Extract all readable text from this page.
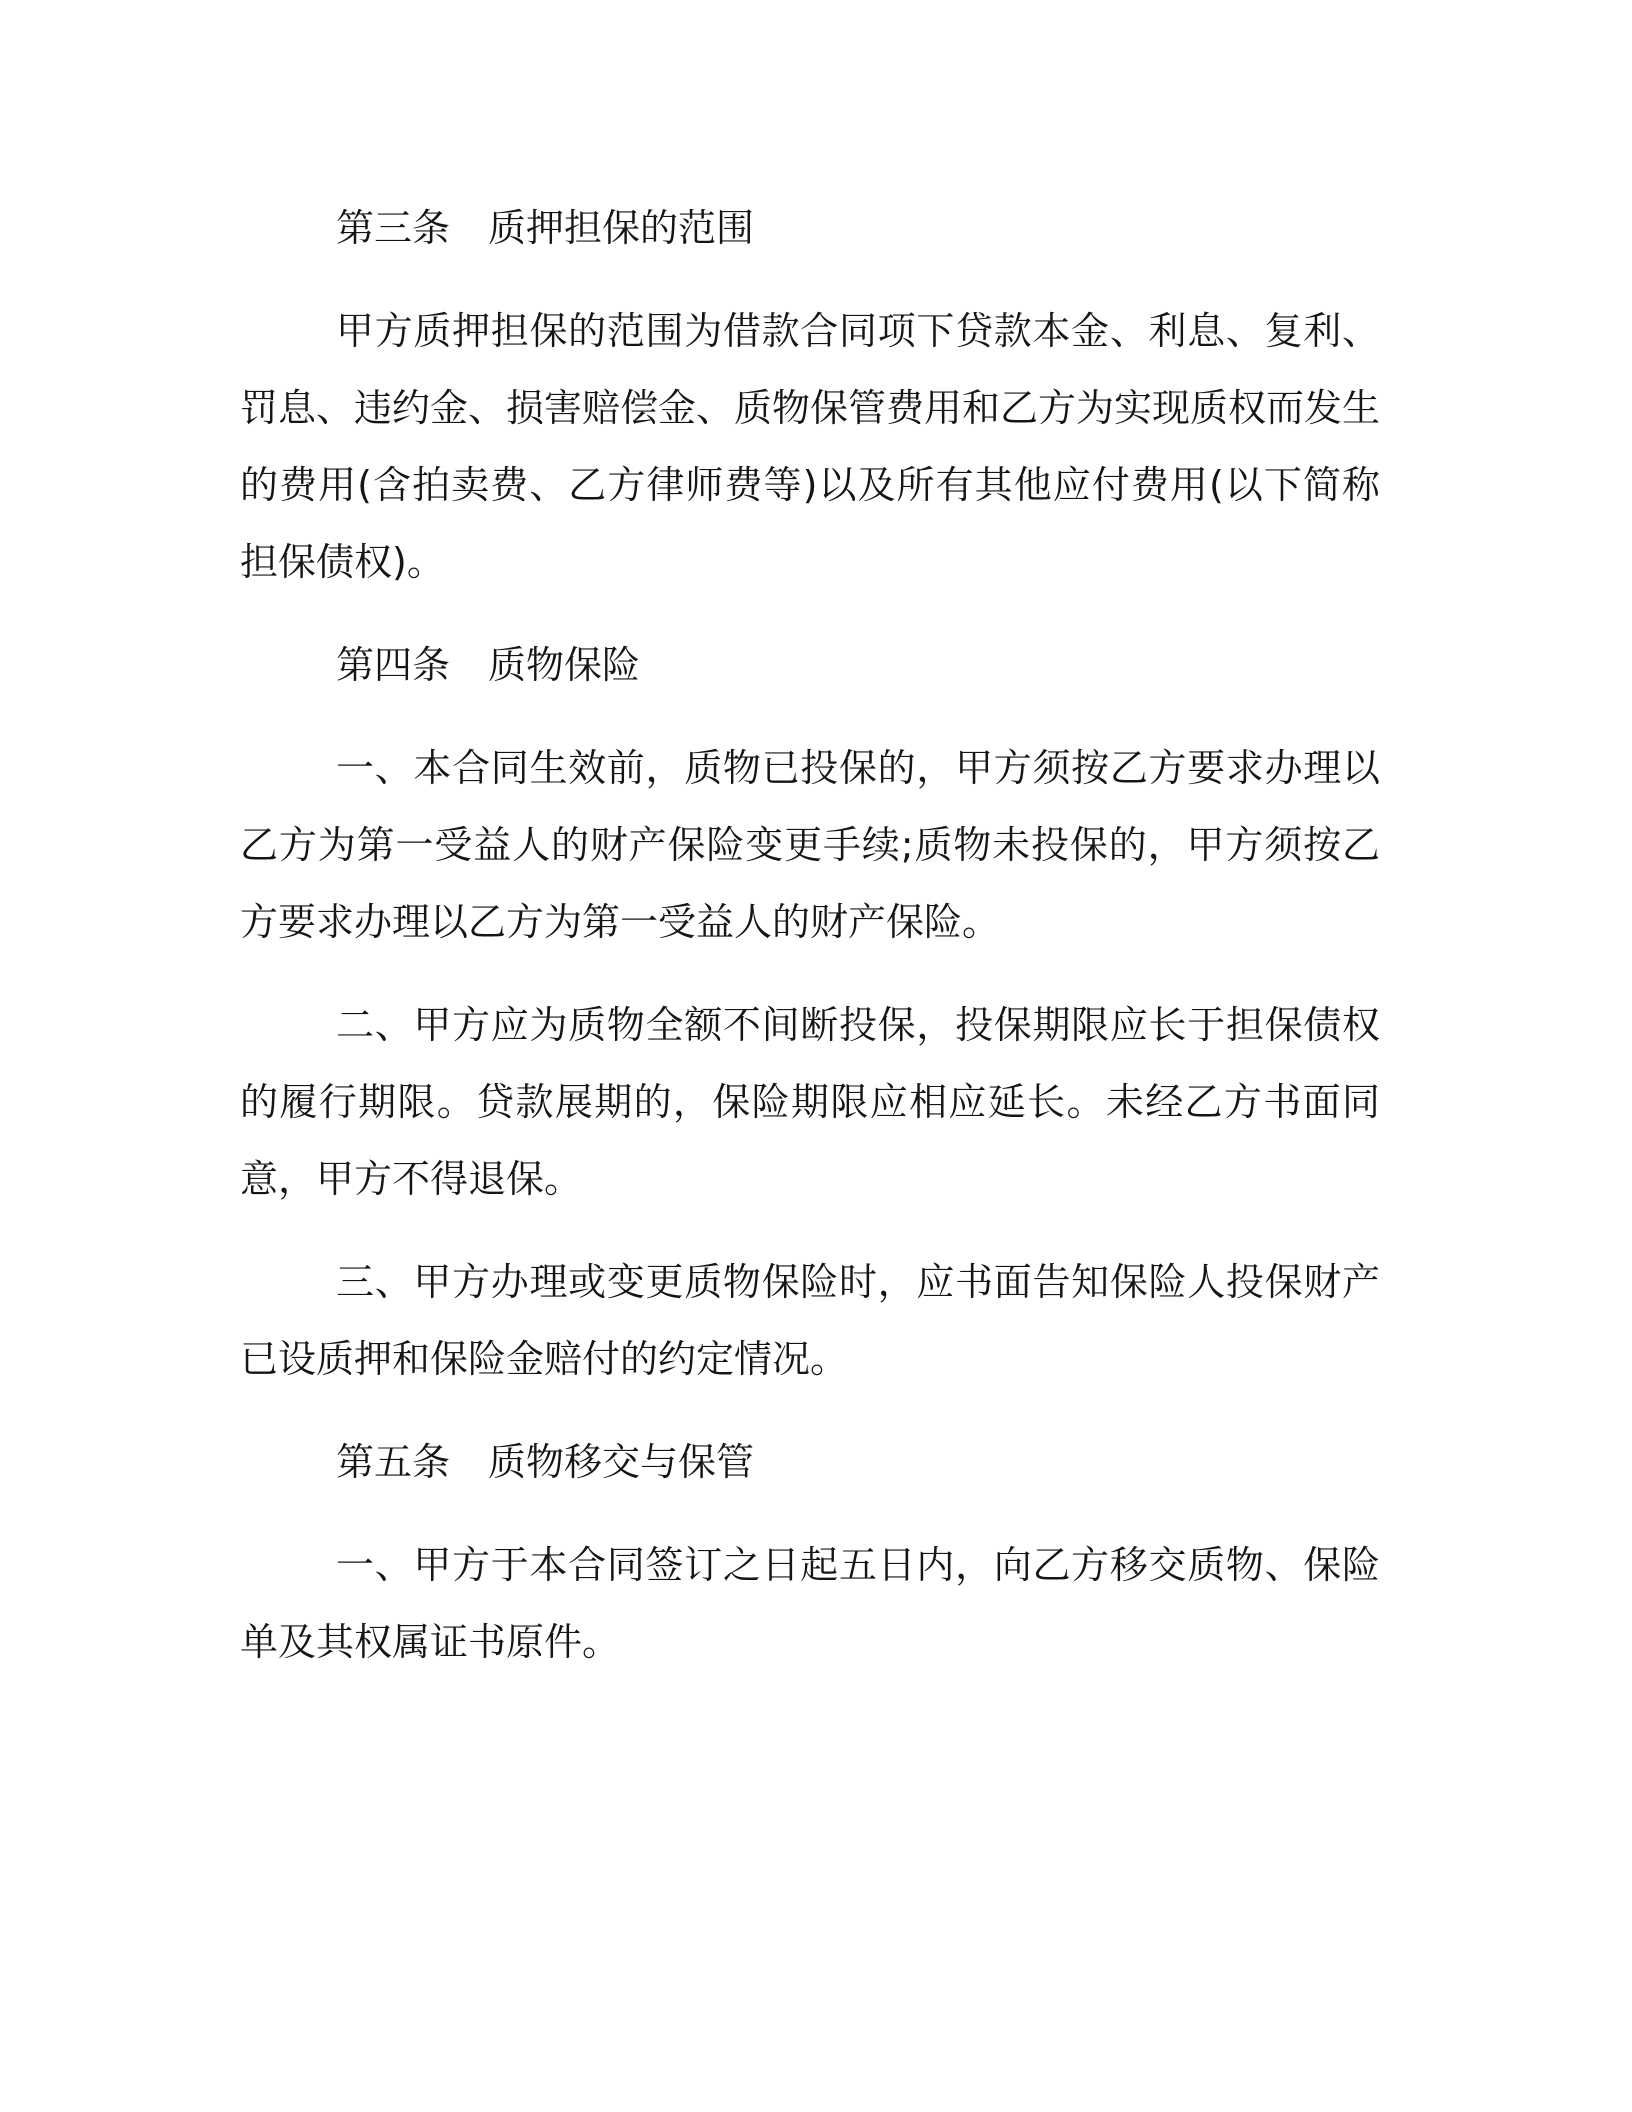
第三条 质押担保的范围

甲方质押担保的范围为借款合同项下贷款本金、利息、复利、罚息、违约金、损害赔偿金、质物保管费用和乙方为实现质权而发生的费用(含拍卖费、乙方律师费等)以及所有其他应付费用(以下简称担保债权)。

第四条 质物保险

一、本合同生效前，质物已投保的，甲方须按乙方要求办理以乙方为第一受益人的财产保险变更手续;质物未投保的，甲方须按乙方要求办理以乙方为第一受益人的财产保险。

二、甲方应为质物全额不间断投保，投保期限应长于担保债权的履行期限。贷款展期的，保险期限应相应延长。未经乙方书面同意，甲方不得退保。

三、甲方办理或变更质物保险时，应书面告知保险人投保财产已设质押和保险金赔付的约定情况。

第五条 质物移交与保管

一、甲方于本合同签订之日起五日内，向乙方移交质物、保险单及其权属证书原件。
